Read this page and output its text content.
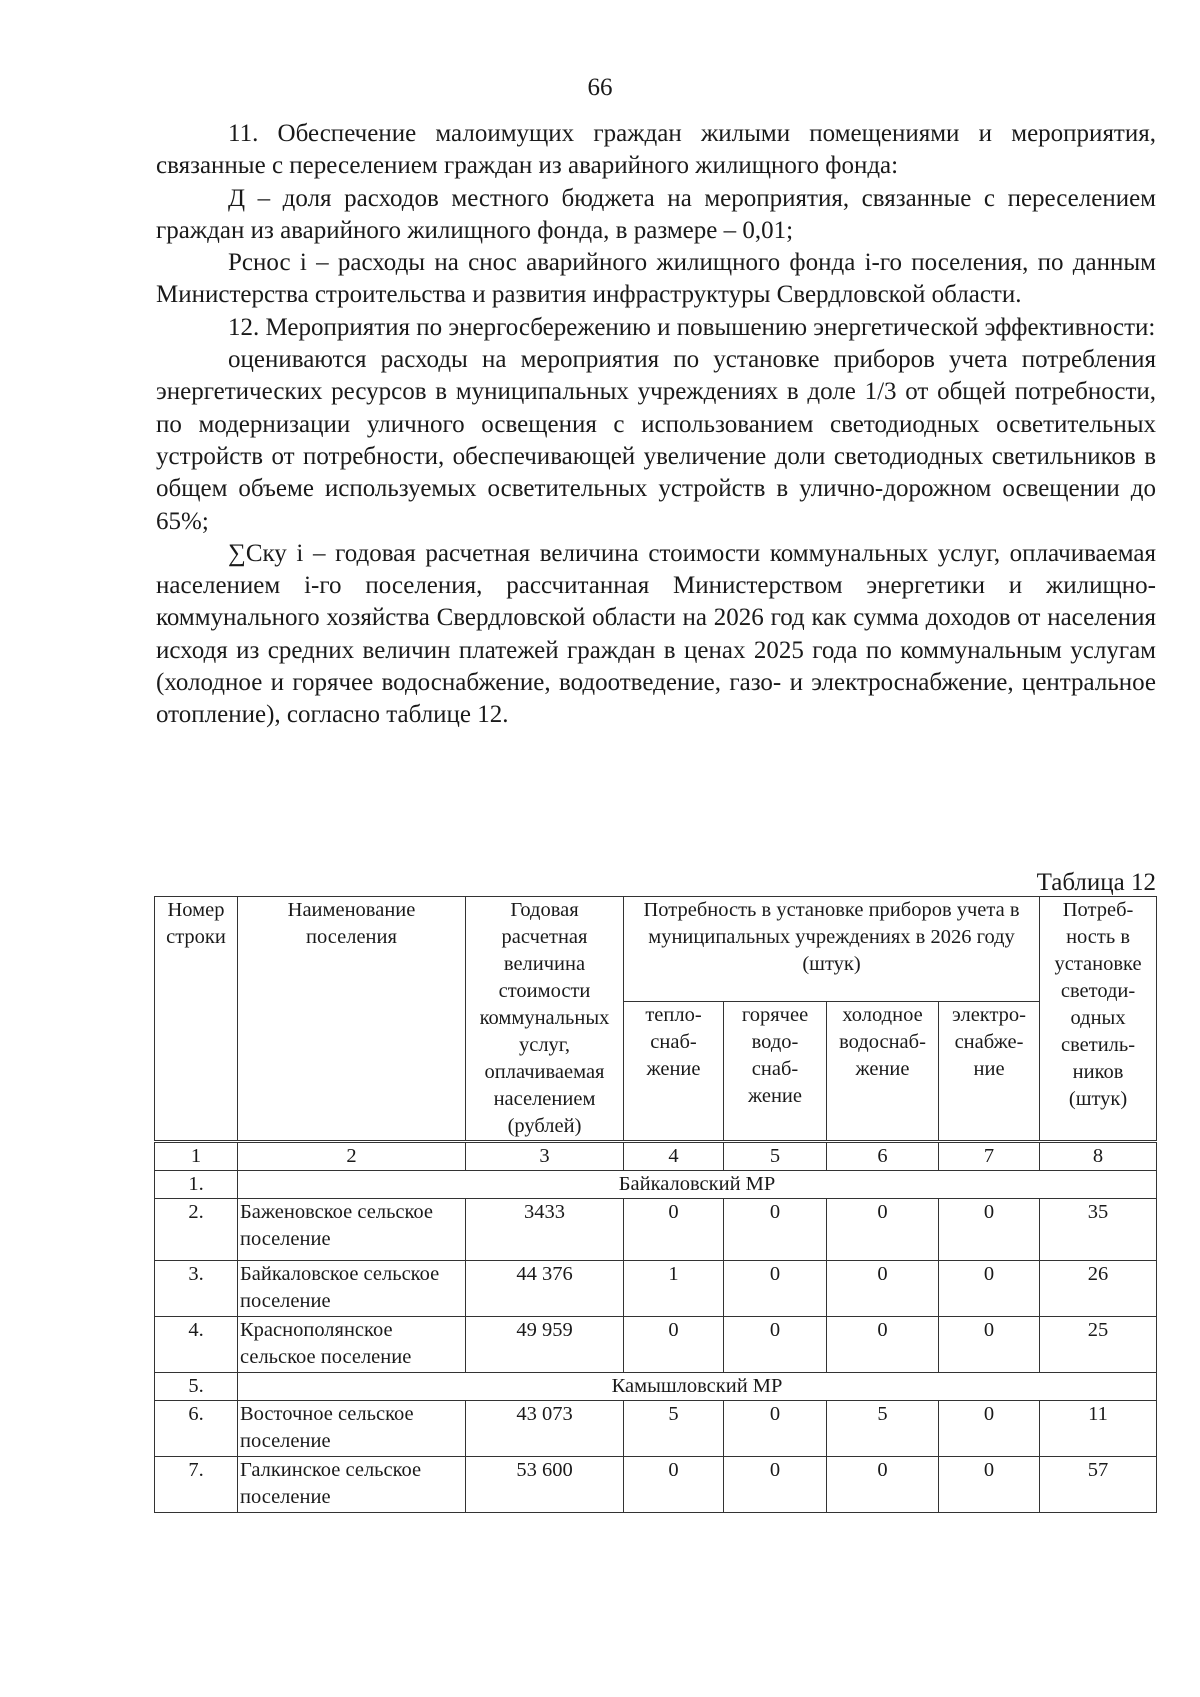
66

11. Обеспечение малоимущих граждан жилыми помещениями и мероприятия, связанные с переселением граждан из аварийного жилищного фонда:

Д – доля расходов местного бюджета на мероприятия, связанные с переселением граждан из аварийного жилищного фонда, в размере – 0,01;

Рснос i – расходы на снос аварийного жилищного фонда i-го поселения, по данным Министерства строительства и развития инфраструктуры Свердловской области.

12. Мероприятия по энергосбережению и повышению энергетической эффективности:

оцениваются расходы на мероприятия по установке приборов учета потребления энергетических ресурсов в муниципальных учреждениях в доле 1/3 от общей потребности, по модернизации уличного освещения с использованием светодиодных осветительных устройств от потребности, обеспечивающей увеличение доли светодиодных светильников в общем объеме используемых осветительных устройств в улично-дорожном освещении до 65%;

∑Cку i – годовая расчетная величина стоимости коммунальных услуг, оплачиваемая населением i-го поселения, рассчитанная Министерством энергетики и жилищно-коммунального хозяйства Свердловской области на 2026 год как сумма доходов от населения исходя из средних величин платежей граждан в ценах 2025 года по коммунальным услугам (холодное и горячее водоснабжение, водоотведение, газо- и электроснабжение, центральное отопление), согласно таблице 12.

Таблица 12
Номер строки	Наименование поселения	Годовая расчетная величина стоимости коммунальных услуг, оплачиваемая населением (рублей)	Потребность в установке приборов учета в муниципальных учреждениях в 2026 году (штук)				Потреб- ность в установке светоди- одных светиль- ников (штук)
			тепло- снаб- жение	горячее водо- снаб- жение	холодное водоснаб- жение	электро- снабже- ние	
1	2	3	4	5	6	7	8
1.	Байкаловский МР						
2.	Баженовское сельское поселение	3433	0	0	0	0	35
3.	Байкаловское сельское поселение	44 376	1	0	0	0	26
4.	Краснополянское сельское поселение	49 959	0	0	0	0	25
5.	Камышловский МР						
6.	Восточное сельское поселение	43 073	5	0	5	0	11
7.	Галкинское сельское поселение	53 600	0	0	0	0	57
